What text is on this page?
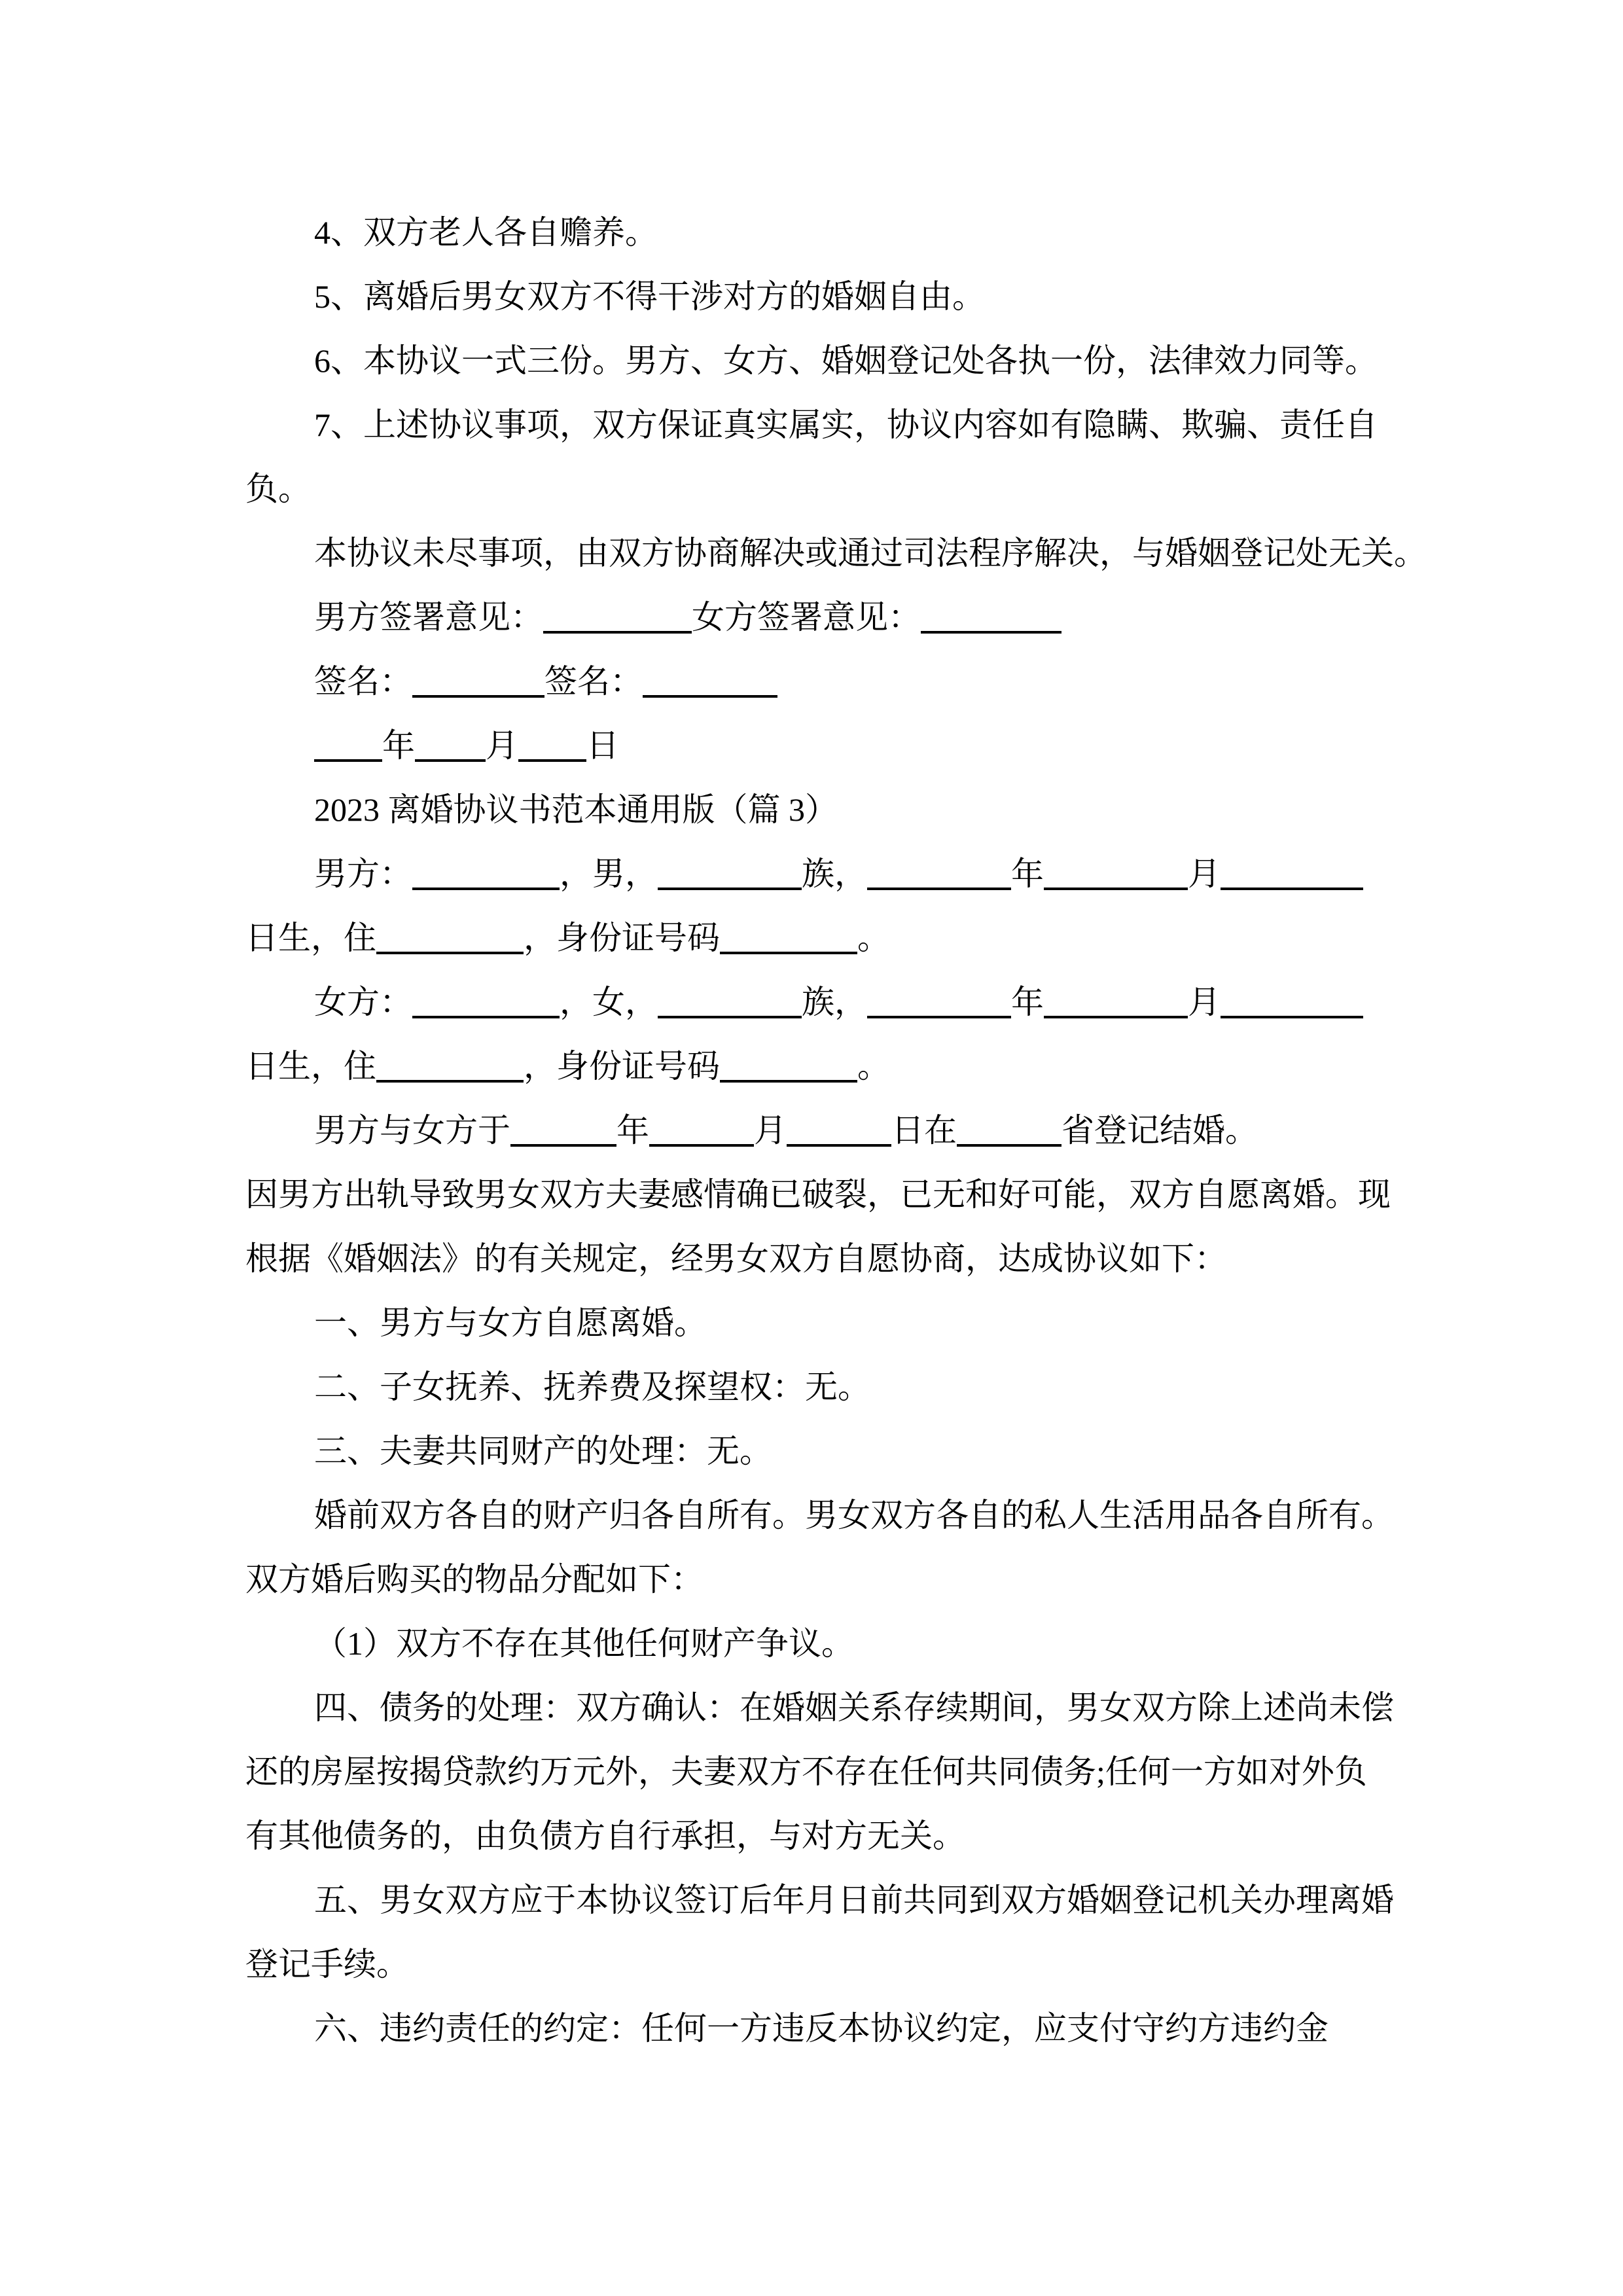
4、双方老人各自赡养。
5、离婚后男女双方不得干涉对方的婚姻自由。
6、本协议一式三份。男方、女方、婚姻登记处各执一份，法律效力同等。
7、上述协议事项，双方保证真实属实，协议内容如有隐瞒、欺骗、责任自
负。
本协议未尽事项，由双方协商解决或通过司法程序解决，与婚姻登记处无关。
男方签署意见：	女方签署意见：
签名：	签名：
年 月 日
2023 离婚协议书范本通用版（篇 3）
男方：	，男，	族，	年	月
日生，住	，身份证号码	。
女方：	，女，	族，	年	月
日生，住	，身份证号码	。
男方与女方于	年	月	日在	省登记结婚。
因男方出轨导致男女双方夫妻感情确已破裂，已无和好可能，双方自愿离婚。现
根据《婚姻法》的有关规定，经男女双方自愿协商，达成协议如下：
一、男方与女方自愿离婚。
二、子女抚养、抚养费及探望权：无。
三、夫妻共同财产的处理：无。
婚前双方各自的财产归各自所有。男女双方各自的私人生活用品各自所有。
双方婚后购买的物品分配如下：
（1）双方不存在其他任何财产争议。
四、债务的处理：双方确认：在婚姻关系存续期间，男女双方除上述尚未偿
还的房屋按揭贷款约万元外，夫妻双方不存在任何共同债务;任何一方如对外负
有其他债务的，由负债方自行承担，与对方无关。
五、男女双方应于本协议签订后年月日前共同到双方婚姻登记机关办理离婚
登记手续。
六、违约责任的约定：任何一方违反本协议约定，应支付守约方违约金
